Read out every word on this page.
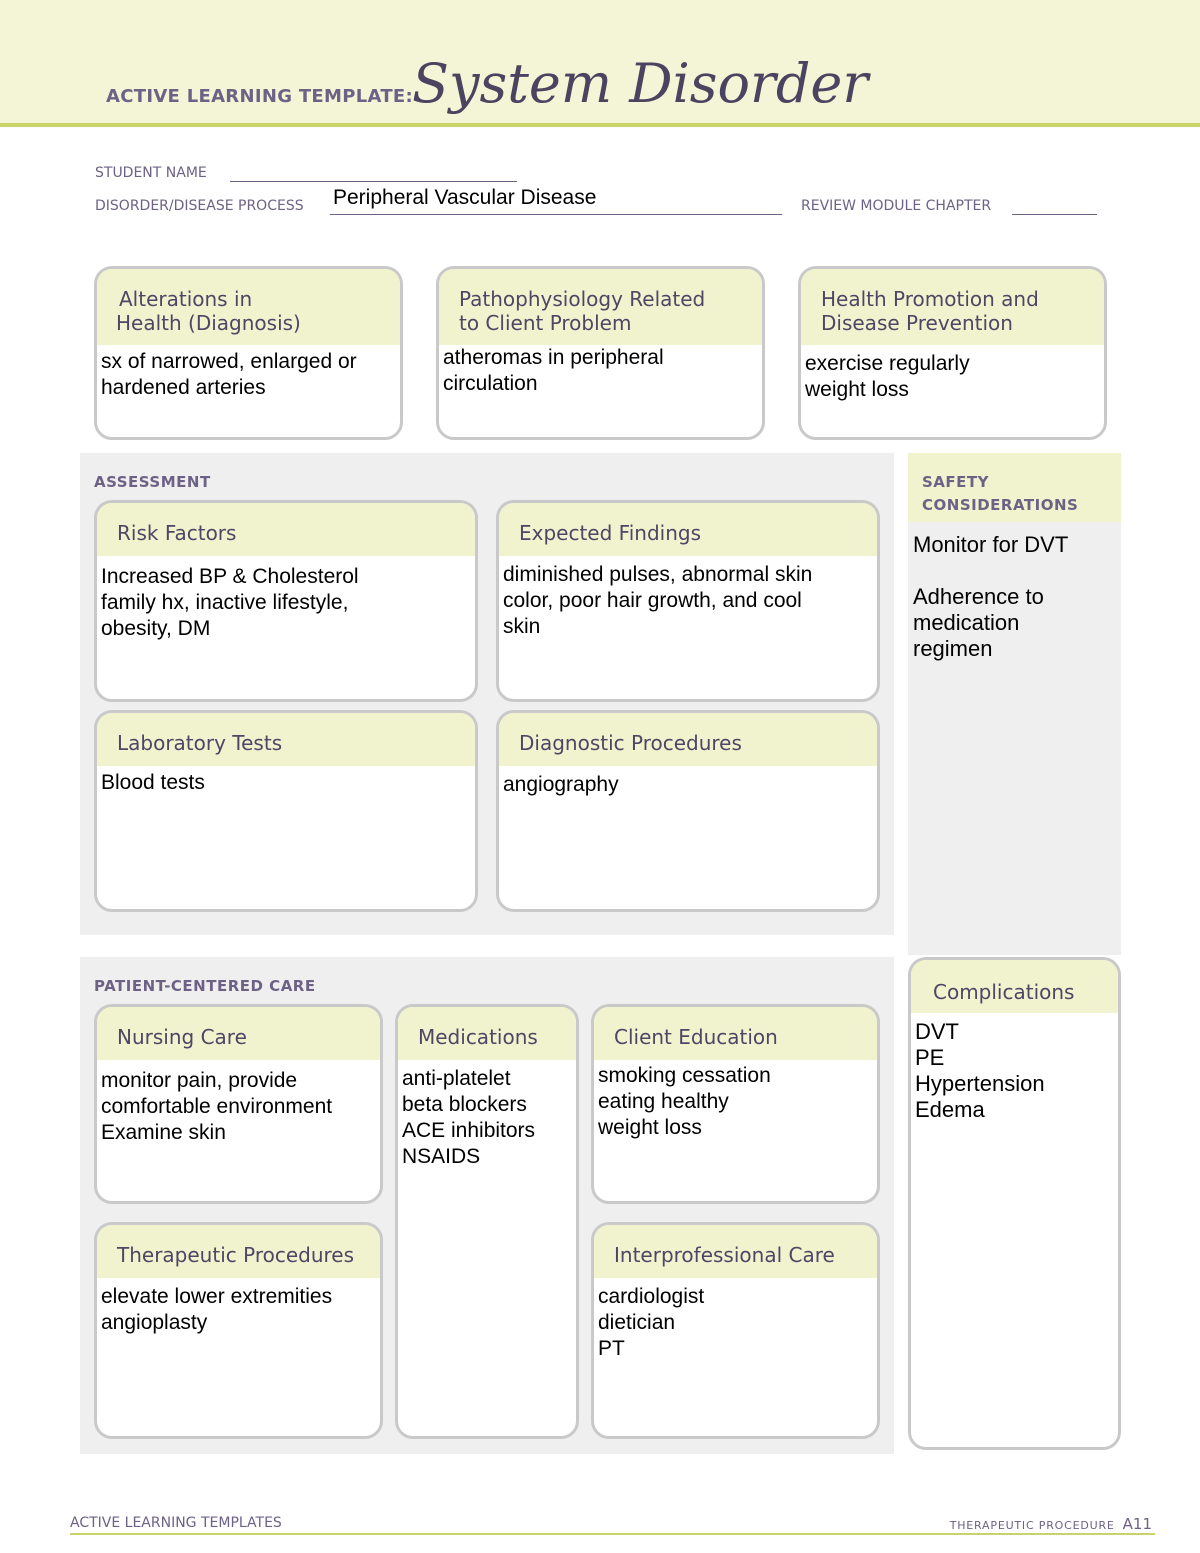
ACTIVE LEARNING TEMPLATE: System Disorder
STUDENT NAME
DISORDER/DISEASE PROCESS Peripheral Vascular Disease	REVIEW MODULE CHAPTER
Alterations in
Health (Diagnosis)
sx of narrowed, enlarged or
hardened arteries
Pathophysiology Related
to Client Problem
atheromas in peripheral
circulation
Health Promotion and
Disease Prevention
exercise regularly
weight loss
ASSESSMENT
Risk Factors
Increased BP & Cholesterol
family hx, inactive lifestyle,
obesity, DM
Expected Findings
diminished pulses, abnormal skin
color, poor hair growth, and cool
skin
Laboratory Tests
Blood tests
Diagnostic Procedures
angiography
SAFETY
CONSIDERATIONS
Monitor for DVT
Adherence to
medication
regimen
PATIENT-CENTERED CARE
Nursing Care
monitor pain, provide
comfortable environment
Examine skin
Medications
anti-platelet
beta blockers
ACE inhibitors
NSAIDS
Client Education
smoking cessation
eating healthy
weight loss
Therapeutic Procedures
elevate lower extremities
angioplasty
Interprofessional Care
cardiologist
dietician
PT
Complications
DVT
PE
Hypertension
Edema
ACTIVE LEARNING TEMPLATES	THERAPEUTIC PROCEDURE A11
